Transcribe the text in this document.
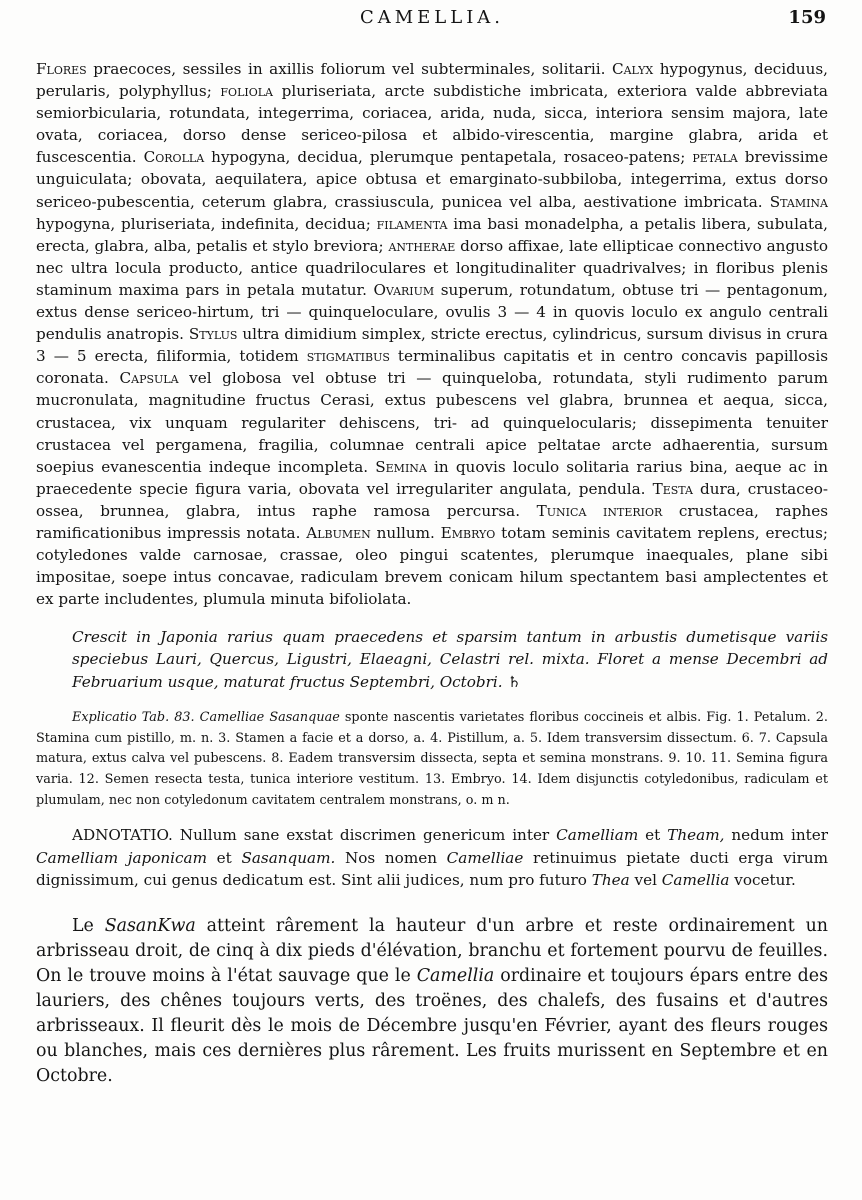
CAMELLIA.	159

Flores praecoces, sessiles in axillis foliorum vel subterminales, solitarii. Calyx hypogynus, deciduus, perularis, polyphyllus; foliola pluriseriata, arcte subdistiche imbricata, exteriora valde abbreviata semiorbicularia, rotundata, integerrima, coriacea, arida, nuda, sicca, interiora sensim majora, late ovata, coriacea, dorso dense sericeo-pilosa et albido-virescentia, margine glabra, arida et fuscescentia. Corolla hypogyna, decidua, plerumque pentapetala, rosaceo-patens; petala brevissime unguiculata; obovata, aequilatera, apice obtusa et emarginato-subbiloba, integerrima, extus dorso sericeo-pubescentia, ceterum glabra, crassiuscula, punicea vel alba, aestivatione imbricata. Stamina hypogyna, pluriseriata, indefinita, decidua; filamenta ima basi monadelpha, a petalis libera, subulata, erecta, glabra, alba, petalis et stylo breviora; antherae dorso affixae, late ellipticae connectivo angusto nec ultra locula producto, antice quadriloculares et longitudinaliter quadrivalves; in floribus plenis staminum maxima pars in petala mutatur. Ovarium superum, rotundatum, obtuse tri — pentagonum, extus dense sericeo-hirtum, tri — quinqueloculare, ovulis 3 — 4 in quovis loculo ex angulo centrali pendulis anatropis. Stylus ultra dimidium simplex, stricte erectus, cylindricus, sursum divisus in crura 3 — 5 erecta, filiformia, totidem stigmatibus terminalibus capitatis et in centro concavis papillosis coronata. Capsula vel globosa vel obtuse tri — quinqueloba, rotundata, styli rudimento parum mucronulata, magnitudine fructus Cerasi, extus pubescens vel glabra, brunnea et aequa, sicca, crustacea, vix unquam regulariter dehiscens, tri- ad quinquelocularis; dissepimenta tenuiter crustacea vel pergamena, fragilia, columnae centrali apice peltatae arcte adhaerentia, sursum soepius evanescentia indeque incompleta. Semina in quovis loculo solitaria rarius bina, aeque ac in praecedente specie figura varia, obovata vel irregulariter angulata, pendula. Testa dura, crustaceo-ossea, brunnea, glabra, intus raphe ramosa percursa. Tunica interior crustacea, raphes ramificationibus impressis notata. Albumen nullum. Embryo totam seminis cavitatem replens, erectus; cotyledones valde carnosae, crassae, oleo pingui scatentes, plerumque inaequales, plane sibi impositae, soepe intus concavae, radiculam brevem conicam hilum spectantem basi amplectentes et ex parte includentes, plumula minuta bifoliolata.

Crescit in Japonia rarius quam praecedens et sparsim tantum in arbustis dumetisque variis speciebus Lauri, Quercus, Ligustri, Elaeagni, Celastri rel. mixta. Floret a mense Decembri ad Februarium usque, maturat fructus Septembri, Octobri. ♄

Explicatio Tab. 83. Camelliae Sasanquae sponte nascentis varietates floribus coccineis et albis. Fig. 1. Petalum. 2. Stamina cum pistillo, m. n. 3. Stamen a facie et a dorso, a. 4. Pistillum, a. 5. Idem transversim dissectum. 6. 7. Capsula matura, extus calva vel pubescens. 8. Eadem transversim dissecta, septa et semina monstrans. 9. 10. 11. Semina figura varia. 12. Semen resecta testa, tunica interiore vestitum. 13. Embryo. 14. Idem disjunctis cotyledonibus, radiculam et plumulam, nec non cotyledonum cavitatem centralem monstrans, o. m n.

ADNOTATIO. Nullum sane exstat discrimen genericum inter Camelliam et Theam, nedum inter Camelliam japonicam et Sasanquam. Nos nomen Camelliae retinuimus pietate ducti erga virum dignissimum, cui genus dedicatum est. Sint alii judices, num pro futuro Thea vel Camellia vocetur.

Le SasanKwa atteint rârement la hauteur d'un arbre et reste ordinairement un arbrisseau droit, de cinq à dix pieds d'élévation, branchu et fortement pourvu de feuilles. On le trouve moins à l'état sauvage que le Camellia ordinaire et toujours épars entre des lauriers, des chênes toujours verts, des troënes, des chalefs, des fusains et d'autres arbrisseaux. Il fleurit dès le mois de Décembre jusqu'en Février, ayant des fleurs rouges ou blanches, mais ces dernières plus rârement. Les fruits murissent en Septembre et en Octobre.
